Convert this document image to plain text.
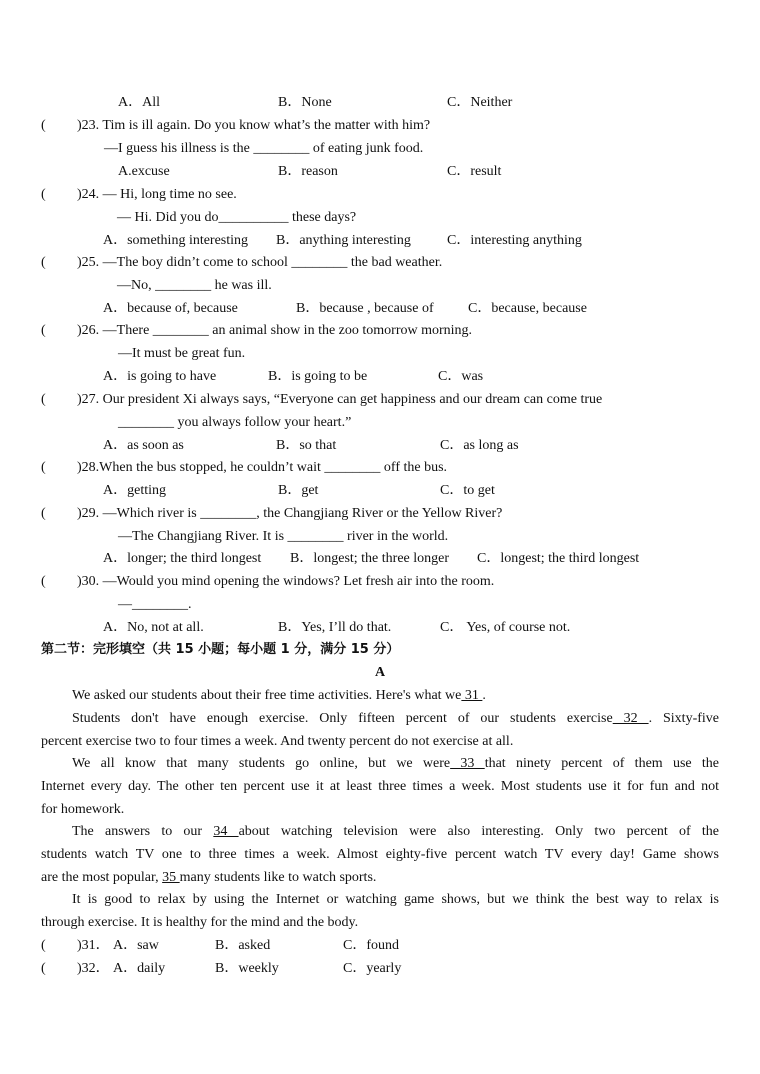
A．All	B．None	C．Neither
( )23. Tim is ill again. Do you know what’s the matter with him?
—I guess his illness is the ________ of eating junk food.
A.excuse	B．reason	C．result
( )24. — Hi, long time no see.
— Hi. Did you do__________ these days?
A．something interesting B．anything interesting	C．interesting anything
( )25. —The boy didn’t come to school ________ the bad weather.
—No, ________ he was ill.
A．because of, because	B．because , because of C．because, because
( )26. —There ________ an animal show in the zoo tomorrow morning.
—It must be great fun.
A．is going to have	B．is going to be	C．was
( )27. Our president Xi always says, “Everyone can get happiness and our dream can come true
________ you always follow your heart.”
A．as soon as	B．so that	C．as long as
( )28.When the bus stopped, he couldn’t wait ________ off the bus.
A．getting	B．get	C．to get
( )29. —Which river is ________, the Changjiang River or the Yellow River?
—The Changjiang River. It is ________ river in the world.
A．longer; the third longest B．longest; the three longer C．longest; the third longest
( )30. —Would you mind opening the windows? Let fresh air into the room.
—________.
A．No, not at all.	B．Yes, I’ll do that.	C． Yes, of course not.
第二节：完形填空（共 15 小题；每小题 1 分，满分 15 分）
A
We asked our students about their free time activities. Here's what we 31 .
Students don't have enough exercise. Only fifteen percent of our students exercise 32 . Sixty-five
percent exercise two to four times a week. And twenty percent do not exercise at all.
We all know that many students go online, but we were 33 that ninety percent of them use the
Internet every day. The other ten percent use it at least three times a week. Most students use it for fun and not
for homework.
The answers to our 34 about watching television were also interesting. Only two percent of the
students watch TV one to three times a week. Almost eighty-five percent watch TV every day! Game shows
are the most popular, 35 many students like to watch sports.
It is good to relax by using the Internet or watching game shows, but we think the best way to relax is
through exercise. It is healthy for the mind and the body.
( )31． A．saw	B．asked	C．found
( )32． A．daily	B．weekly	C．yearly
